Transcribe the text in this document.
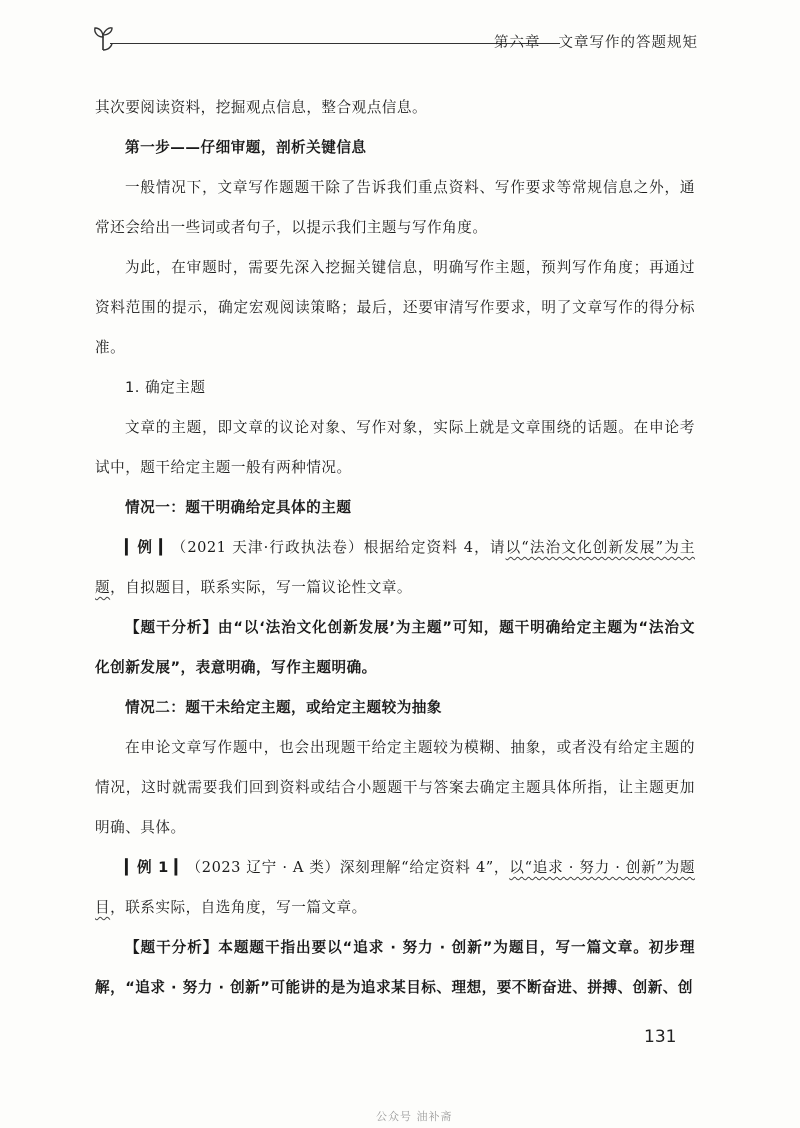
第六章 文章写作的答题规矩

其次要阅读资料，挖掘观点信息，整合观点信息。

第一步——仔细审题，剖析关键信息

一般情况下，文章写作题题干除了告诉我们重点资料、写作要求等常规信息之外，通常还会给出一些词或者句子，以提示我们主题与写作角度。

为此，在审题时，需要先深入挖掘关键信息，明确写作主题，预判写作角度；再通过资料范围的提示，确定宏观阅读策略；最后，还要审清写作要求，明了文章写作的得分标准。

1. 确定主题

文章的主题，即文章的议论对象、写作对象，实际上就是文章围绕的话题。在申论考试中，题干给定主题一般有两种情况。

情况一：题干明确给定具体的主题

▎例 ▎（2021 天津·行政执法卷）根据给定资料 4，请以“法治文化创新发展”为主题，自拟题目，联系实际，写一篇议论性文章。

【题干分析】由“以‘法治文化创新发展’为主题”可知，题干明确给定主题为“法治文化创新发展”，表意明确，写作主题明确。

情况二：题干未给定主题，或给定主题较为抽象

在申论文章写作题中，也会出现题干给定主题较为模糊、抽象，或者没有给定主题的情况，这时就需要我们回到资料或结合小题题干与答案去确定主题具体所指，让主题更加明确、具体。

▎例 1 ▎（2023 辽宁 · A 类）深刻理解“给定资料 4”，以“追求 · 努力 · 创新”为题目，联系实际，自选角度，写一篇文章。

【题干分析】本题题干指出要以“追求 · 努力 · 创新”为题目，写一篇文章。初步理解，“追求 · 努力 · 创新”可能讲的是为追求某目标、理想，要不断奋进、拼搏、创新、创

131
公众号 油补斋
